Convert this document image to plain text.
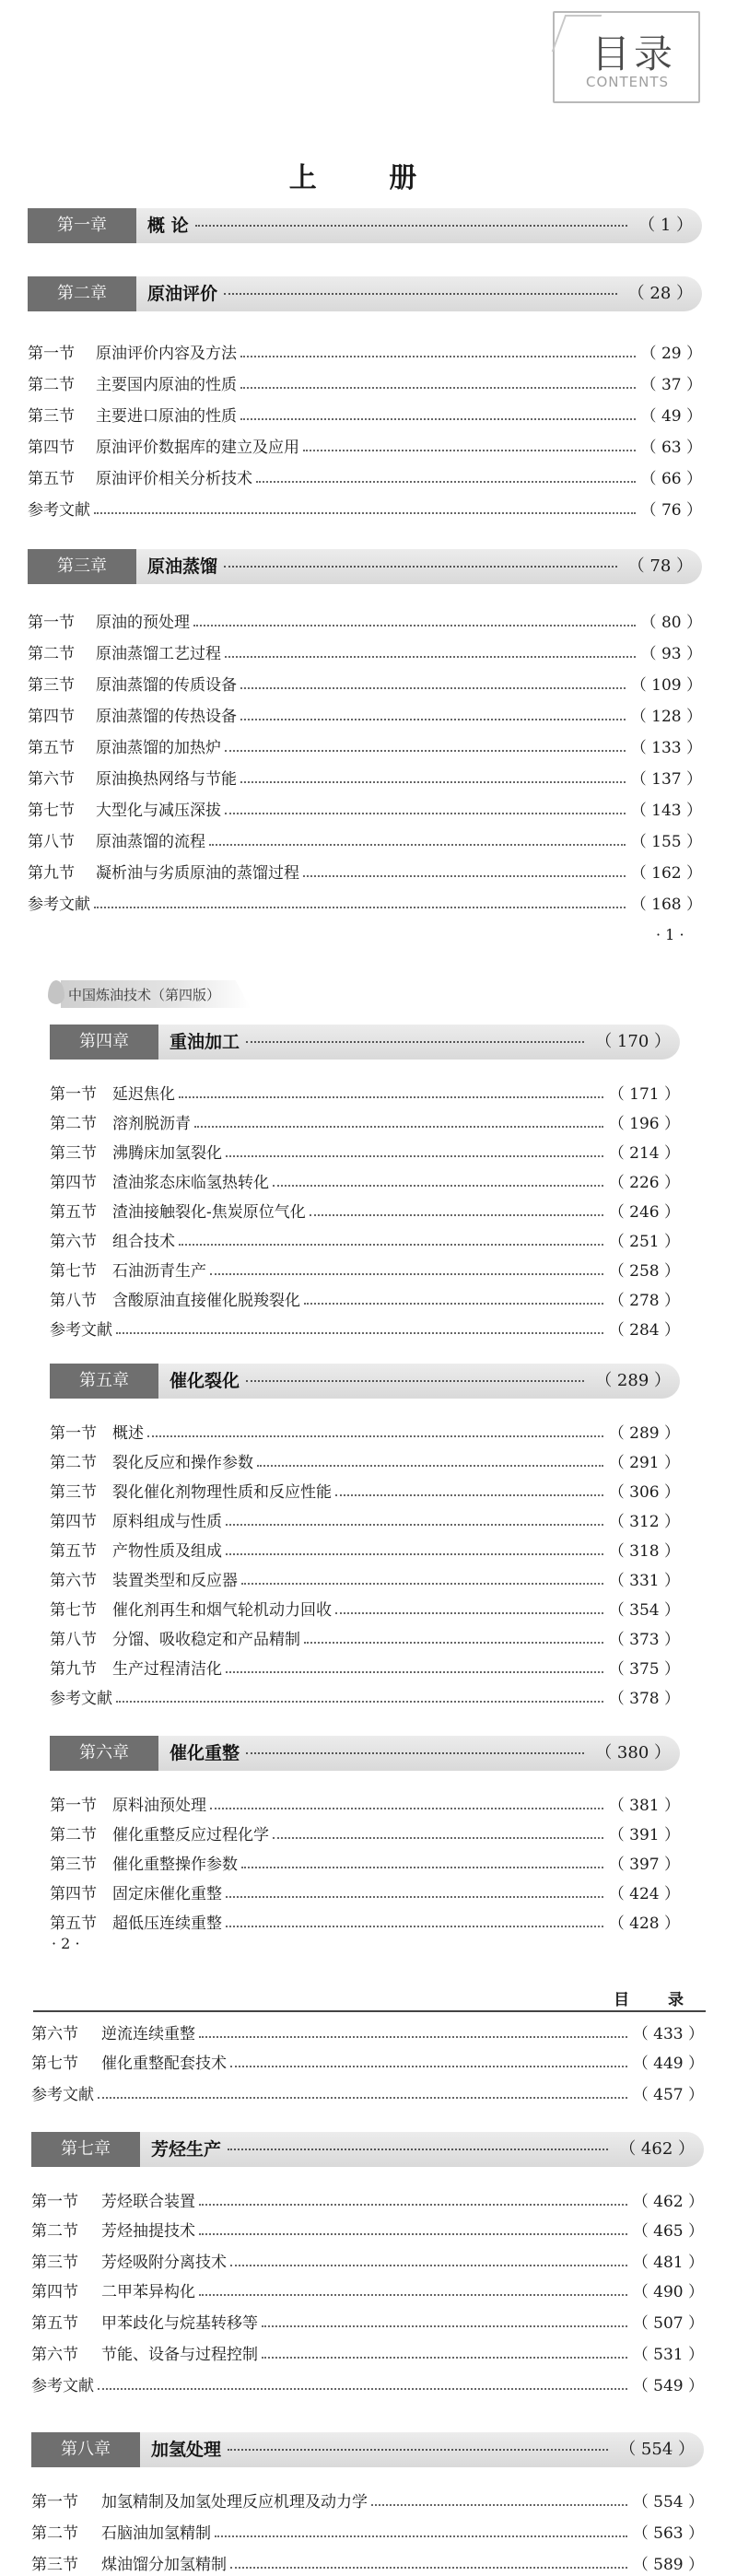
目录
CONTENTS
上 册
中国炼油技术（第四版）
目 录
· 1 ·
· 2 ·
第一章	概 论	（ 1 ）
第二章	原油评价	（ 28 ）
第一节 原油评价内容及方法	（ 29 ）
第二节 主要国内原油的性质	（ 37 ）
第三节 主要进口原油的性质	（ 49 ）
第四节 原油评价数据库的建立及应用	（ 63 ）
第五节 原油评价相关分析技术	（ 66 ）
参考文献	（ 76 ）
第三章	原油蒸馏	（ 78 ）
第一节 原油的预处理	（ 80 ）
第二节 原油蒸馏工艺过程	（ 93 ）
第三节 原油蒸馏的传质设备	（ 109 ）
第四节 原油蒸馏的传热设备	（ 128 ）
第五节 原油蒸馏的加热炉	（ 133 ）
第六节 原油换热网络与节能	（ 137 ）
第七节 大型化与减压深拔	（ 143 ）
第八节 原油蒸馏的流程	（ 155 ）
第九节 凝析油与劣质原油的蒸馏过程	（ 162 ）
参考文献	（ 168 ）
第四章	重油加工	（ 170 ）
第一节 延迟焦化	（ 171 ）
第二节 溶剂脱沥青	（ 196 ）
第三节 沸腾床加氢裂化	（ 214 ）
第四节 渣油浆态床临氢热转化	（ 226 ）
第五节 渣油接触裂化-焦炭原位气化	（ 246 ）
第六节 组合技术	（ 251 ）
第七节 石油沥青生产	（ 258 ）
第八节 含酸原油直接催化脱羧裂化	（ 278 ）
参考文献	（ 284 ）
第五章	催化裂化	（ 289 ）
第一节 概述	（ 289 ）
第二节 裂化反应和操作参数	（ 291 ）
第三节 裂化催化剂物理性质和反应性能	（ 306 ）
第四节 原料组成与性质	（ 312 ）
第五节 产物性质及组成	（ 318 ）
第六节 装置类型和反应器	（ 331 ）
第七节 催化剂再生和烟气轮机动力回收	（ 354 ）
第八节 分馏、吸收稳定和产品精制	（ 373 ）
第九节 生产过程清洁化	（ 375 ）
参考文献	（ 378 ）
第六章	催化重整	（ 380 ）
第一节 原料油预处理	（ 381 ）
第二节 催化重整反应过程化学	（ 391 ）
第三节 催化重整操作参数	（ 397 ）
第四节 固定床催化重整	（ 424 ）
第五节 超低压连续重整	（ 428 ）
第六节 逆流连续重整	（ 433 ）
第七节 催化重整配套技术	（ 449 ）
参考文献	（ 457 ）
第七章	芳烃生产	（ 462 ）
第一节 芳烃联合装置	（ 462 ）
第二节 芳烃抽提技术	（ 465 ）
第三节 芳烃吸附分离技术	（ 481 ）
第四节 二甲苯异构化	（ 490 ）
第五节 甲苯歧化与烷基转移等	（ 507 ）
第六节 节能、设备与过程控制	（ 531 ）
参考文献	（ 549 ）
第八章	加氢处理	（ 554 ）
第一节 加氢精制及加氢处理反应机理及动力学	（ 554 ）
第二节 石脑油加氢精制	（ 563 ）
第三节 煤油馏分加氢精制	（ 589 ）
